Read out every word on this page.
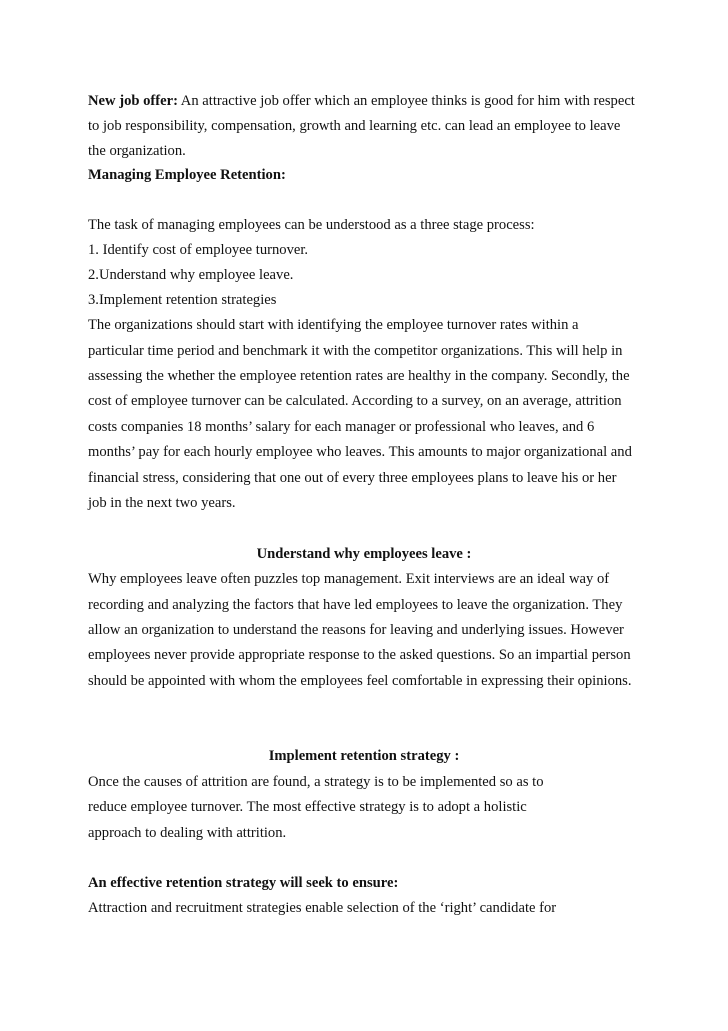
New job offer: An attractive job offer which an employee thinks is good for him with respect
to job responsibility, compensation, growth and learning etc. can lead an employee to leave
the organization.
Managing Employee Retention:
The task of managing employees can be understood as a three stage process:
1. Identify cost of employee turnover.
2.Understand why employee leave.
3.Implement retention strategies
The organizations should start with identifying the employee turnover rates within a
particular time period and benchmark it with the competitor organizations. This will help in
assessing the whether the employee retention rates are healthy in the company. Secondly, the
cost of employee turnover can be calculated. According to a survey, on an average, attrition
costs companies 18 months’ salary for each manager or professional who leaves, and 6
months’ pay for each hourly employee who leaves. This amounts to major organizational and
financial stress, considering that one out of every three employees plans to leave his or her
job in the next two years.
Understand why employees leave :
Why employees leave often puzzles top management. Exit interviews are an ideal way of
recording and analyzing the factors that have led employees to leave the organization. They
allow an organization to understand the reasons for leaving and underlying issues. However
employees never provide appropriate response to the asked questions. So an impartial person
should be appointed with whom the employees feel comfortable in expressing their opinions.
Implement retention strategy :
Once the causes of attrition are found, a strategy is to be implemented so as to
reduce employee turnover. The most effective strategy is to adopt a holistic
approach to dealing with attrition.
An effective retention strategy will seek to ensure:
Attraction and recruitment strategies enable selection of the ‘right’ candidate for
